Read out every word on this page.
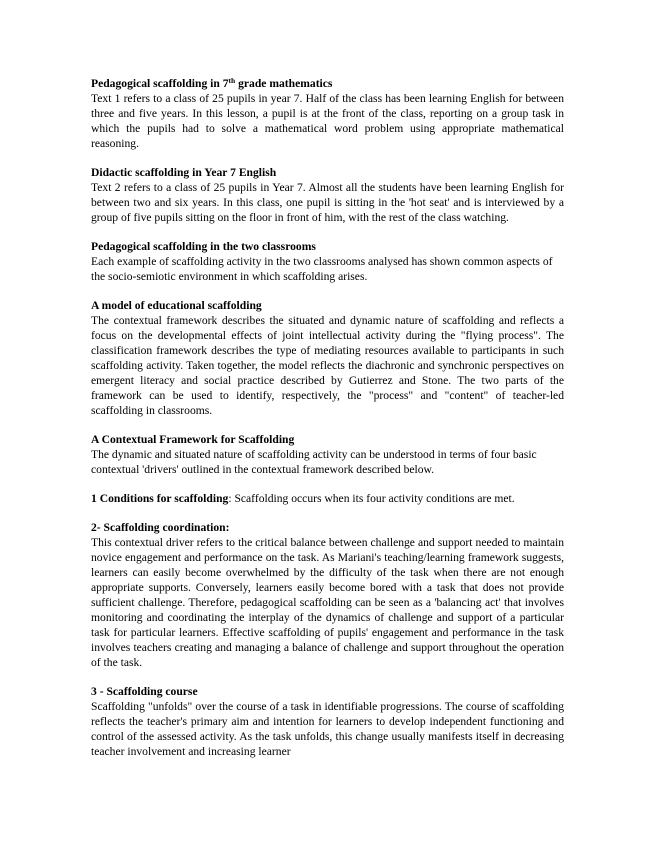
Pedagogical scaffolding in 7th grade mathematics

Text 1 refers to a class of 25 pupils in year 7. Half of the class has been learning English for between three and five years. In this lesson, a pupil is at the front of the class, reporting on a group task in which the pupils had to solve a mathematical word problem using appropriate mathematical reasoning.

Didactic scaffolding in Year 7 English

Text 2 refers to a class of 25 pupils in Year 7. Almost all the students have been learning English for between two and six years. In this class, one pupil is sitting in the 'hot seat' and is interviewed by a group of five pupils sitting on the floor in front of him, with the rest of the class watching.

Pedagogical scaffolding in the two classrooms

Each example of scaffolding activity in the two classrooms analysed has shown common aspects of the socio-semiotic environment in which scaffolding arises.

A model of educational scaffolding

The contextual framework describes the situated and dynamic nature of scaffolding and reflects a focus on the developmental effects of joint intellectual activity during the "flying process". The classification framework describes the type of mediating resources available to participants in such scaffolding activity. Taken together, the model reflects the diachronic and synchronic perspectives on emergent literacy and social practice described by Gutierrez and Stone. The two parts of the framework can be used to identify, respectively, the "process" and "content" of teacher-led scaffolding in classrooms.

A Contextual Framework for Scaffolding

The dynamic and situated nature of scaffolding activity can be understood in terms of four basic contextual 'drivers' outlined in the contextual framework described below.

1 Conditions for scaffolding: Scaffolding occurs when its four activity conditions are met.

2- Scaffolding coordination:

This contextual driver refers to the critical balance between challenge and support needed to maintain novice engagement and performance on the task. As Mariani's teaching/learning framework suggests, learners can easily become overwhelmed by the difficulty of the task when there are not enough appropriate supports. Conversely, learners easily become bored with a task that does not provide sufficient challenge. Therefore, pedagogical scaffolding can be seen as a 'balancing act' that involves monitoring and coordinating the interplay of the dynamics of challenge and support of a particular task for particular learners. Effective scaffolding of pupils' engagement and performance in the task involves teachers creating and managing a balance of challenge and support throughout the operation of the task.

3 - Scaffolding course

Scaffolding "unfolds" over the course of a task in identifiable progressions. The course of scaffolding reflects the teacher's primary aim and intention for learners to develop independent functioning and control of the assessed activity. As the task unfolds, this change usually manifests itself in decreasing teacher involvement and increasing learner
